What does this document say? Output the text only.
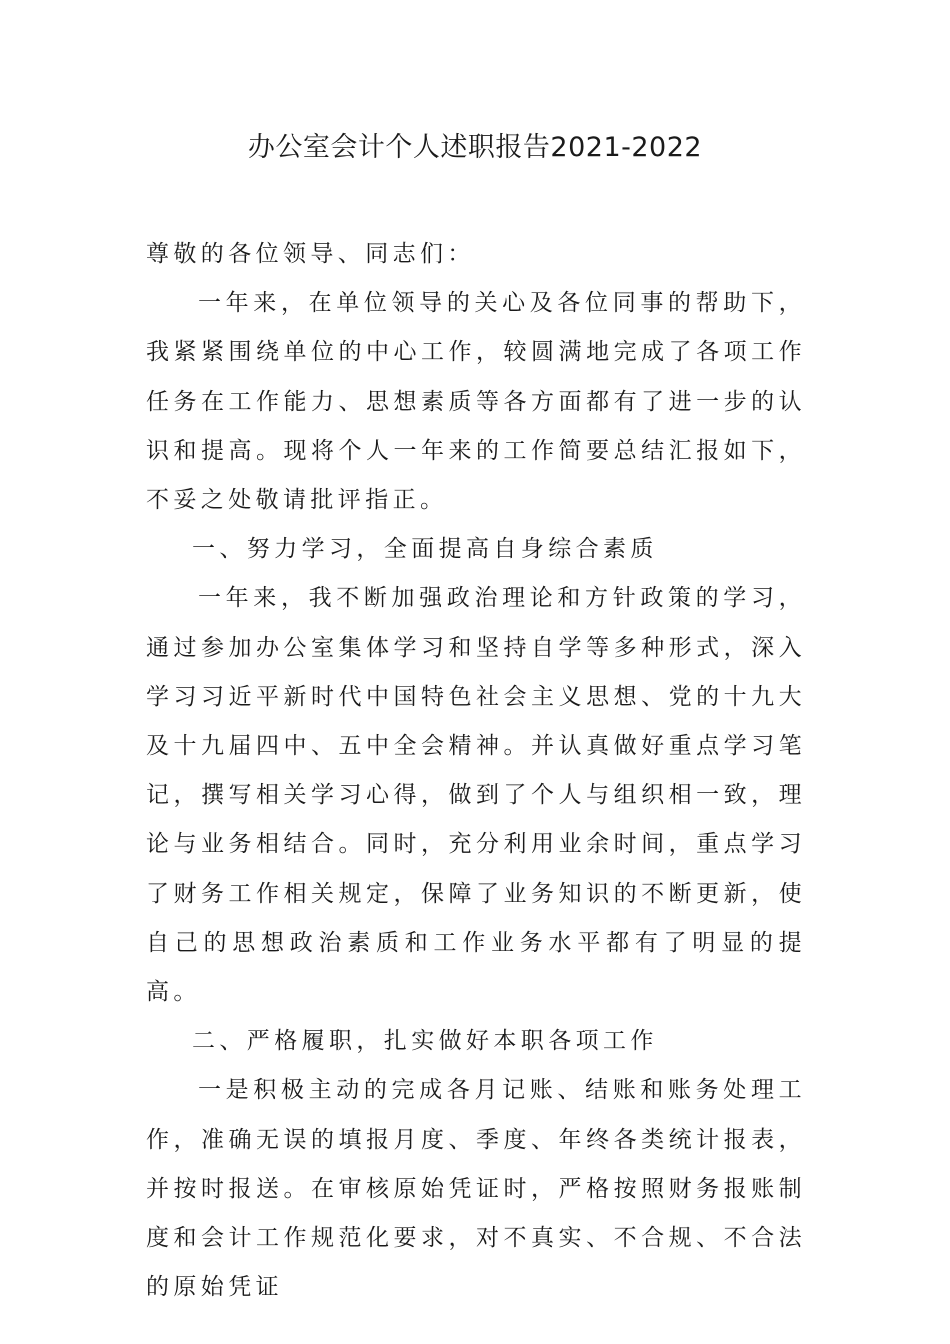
办公室会计个人述职报告2021-2022

尊敬的各位领导、同志们：

一年来，在单位领导的关心及各位同事的帮助下，我紧紧围绕单位的中心工作，较圆满地完成了各项工作任务在工作能力、思想素质等各方面都有了进一步的认识和提高。现将个人一年来的工作简要总结汇报如下，不妥之处敬请批评指正。

一、努力学习，全面提高自身综合素质

一年来，我不断加强政治理论和方针政策的学习，通过参加办公室集体学习和坚持自学等多种形式，深入学习习近平新时代中国特色社会主义思想、党的十九大及十九届四中、五中全会精神。并认真做好重点学习笔记，撰写相关学习心得，做到了个人与组织相一致，理论与业务相结合。同时，充分利用业余时间，重点学习了财务工作相关规定，保障了业务知识的不断更新，使自己的思想政治素质和工作业务水平都有了明显的提高。

二、严格履职，扎实做好本职各项工作

一是积极主动的完成各月记账、结账和账务处理工作，准确无误的填报月度、季度、年终各类统计报表，并按时报送。在审核原始凭证时，严格按照财务报账制度和会计工作规范化要求，对不真实、不合规、不合法的原始凭证
